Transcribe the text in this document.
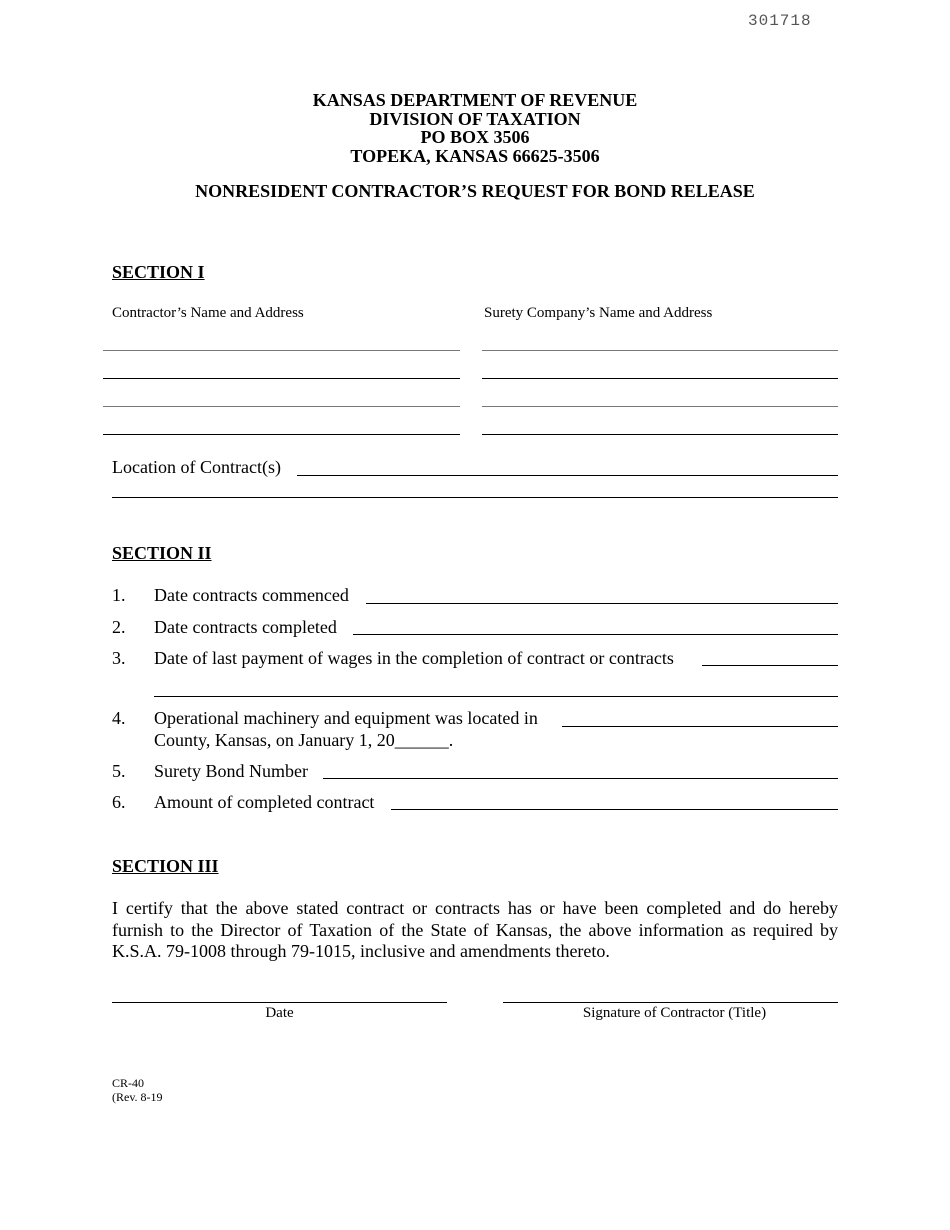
301718
KANSAS DEPARTMENT OF REVENUE
DIVISION OF TAXATION
PO BOX 3506
TOPEKA, KANSAS 66625-3506
NONRESIDENT CONTRACTOR’S REQUEST FOR BOND RELEASE
SECTION I
Contractor’s Name and Address	Surety Company’s Name and Address
Location of Contract(s)
SECTION II
1. Date contracts commenced
2. Date contracts completed
3. Date of last payment of wages in the completion of contract or contracts
4. Operational machinery and equipment was located in
County, Kansas, on January 1, 20______.
5. Surety Bond Number
6. Amount of completed contract
SECTION III
I certify that the above stated contract or contracts has or have been completed and do hereby furnish to the Director of Taxation of the State of Kansas, the above information as required by K.S.A. 79-1008 through 79-1015, inclusive and amendments thereto.
Date	Signature of Contractor (Title)
CR-40
(Rev. 8-19
